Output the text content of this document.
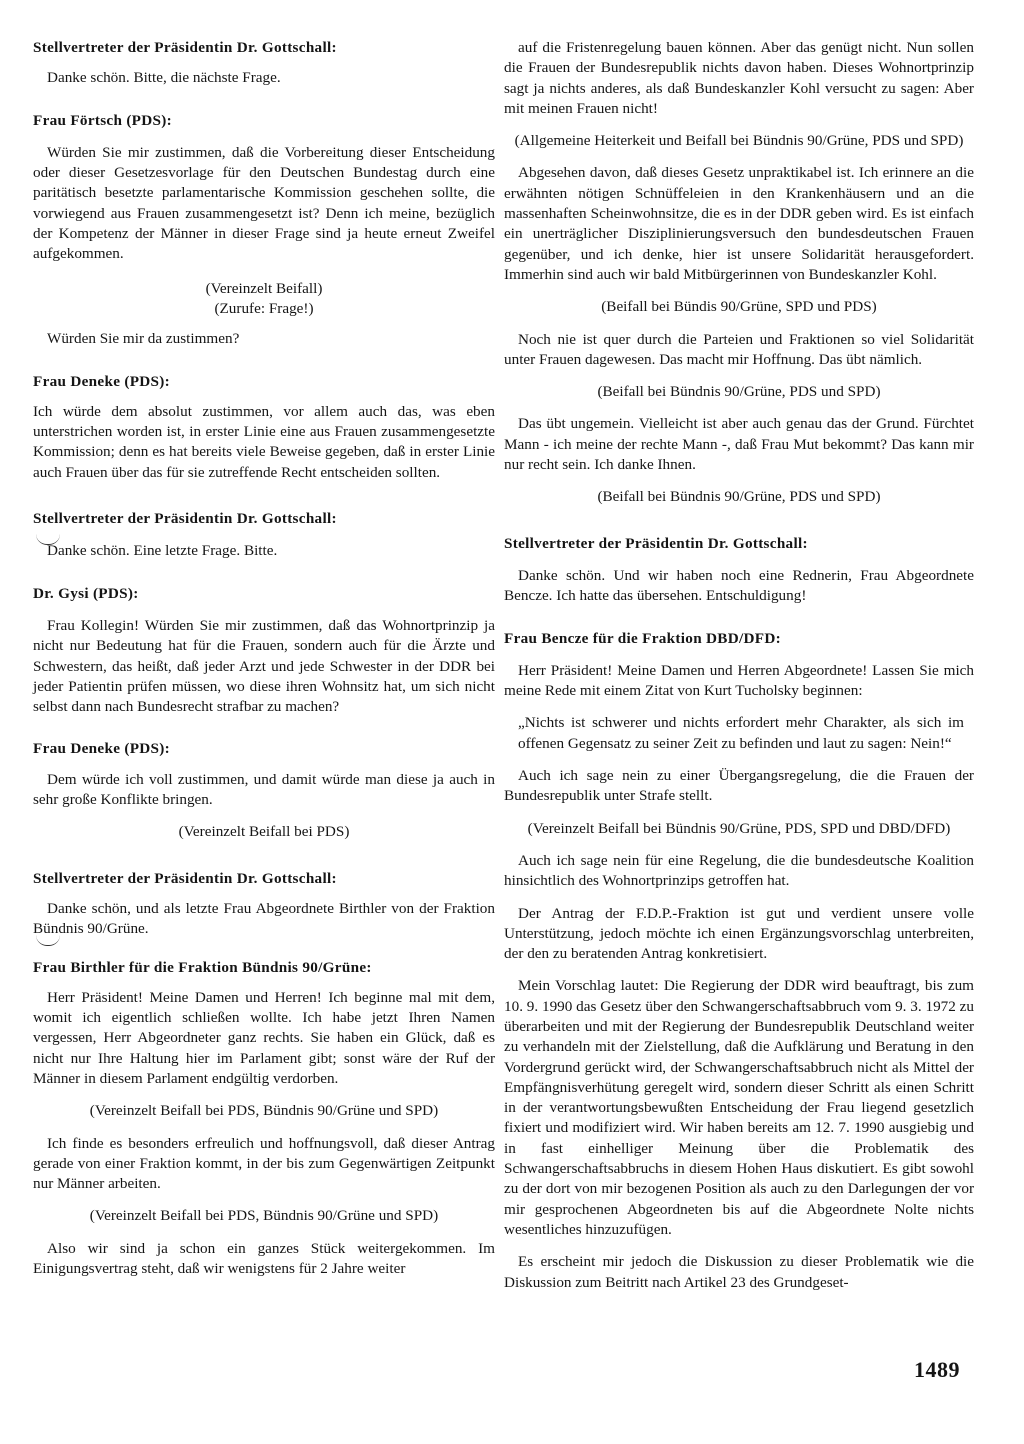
Stellvertreter der Präsidentin Dr. Gottschall:

Danke schön. Bitte, die nächste Frage.

Frau Förtsch (PDS):

Würden Sie mir zustimmen, daß die Vorbereitung dieser Entscheidung oder dieser Gesetzesvorlage für den Deutschen Bundestag durch eine paritätisch besetzte parlamentarische Kommission geschehen sollte, die vorwiegend aus Frauen zusammengesetzt ist? Denn ich meine, bezüglich der Kompetenz der Männer in dieser Frage sind ja heute erneut Zweifel aufgekommen.

(Vereinzelt Beifall)

(Zurufe: Frage!)

Würden Sie mir da zustimmen?

Frau Deneke (PDS):

Ich würde dem absolut zustimmen, vor allem auch das, was eben unterstrichen worden ist, in erster Linie eine aus Frauen zusammengesetzte Kommission; denn es hat bereits viele Beweise gegeben, daß in erster Linie auch Frauen über das für sie zutreffende Recht entscheiden sollten.

Stellvertreter der Präsidentin Dr. Gottschall:

Danke schön. Eine letzte Frage. Bitte.

Dr. Gysi (PDS):

Frau Kollegin! Würden Sie mir zustimmen, daß das Wohnortprinzip ja nicht nur Bedeutung hat für die Frauen, sondern auch für die Ärzte und Schwestern, das heißt, daß jeder Arzt und jede Schwester in der DDR bei jeder Patientin prüfen müssen, wo diese ihren Wohnsitz hat, um sich nicht selbst dann nach Bundesrecht strafbar zu machen?

Frau Deneke (PDS):

Dem würde ich voll zustimmen, und damit würde man diese ja auch in sehr große Konflikte bringen.

(Vereinzelt Beifall bei PDS)

Stellvertreter der Präsidentin Dr. Gottschall:

Danke schön, und als letzte Frau Abgeordnete Birthler von der Fraktion Bündnis 90/Grüne.

Frau Birthler für die Fraktion Bündnis 90/Grüne:

Herr Präsident! Meine Damen und Herren! Ich beginne mal mit dem, womit ich eigentlich schließen wollte. Ich habe jetzt Ihren Namen vergessen, Herr Abgeordneter ganz rechts. Sie haben ein Glück, daß es nicht nur Ihre Haltung hier im Parlament gibt; sonst wäre der Ruf der Männer in diesem Parlament endgültig verdorben.

(Vereinzelt Beifall bei PDS, Bündnis 90/Grüne und SPD)

Ich finde es besonders erfreulich und hoffnungsvoll, daß dieser Antrag gerade von einer Fraktion kommt, in der bis zum Gegenwärtigen Zeitpunkt nur Männer arbeiten.

(Vereinzelt Beifall bei PDS, Bündnis 90/Grüne und SPD)

Also wir sind ja schon ein ganzes Stück weitergekommen. Im Einigungsvertrag steht, daß wir wenigstens für 2 Jahre weiter

auf die Fristenregelung bauen können. Aber das genügt nicht. Nun sollen die Frauen der Bundesrepublik nichts davon haben. Dieses Wohnortprinzip sagt ja nichts anderes, als daß Bundeskanzler Kohl versucht zu sagen: Aber mit meinen Frauen nicht!

(Allgemeine Heiterkeit und Beifall bei Bündnis 90/Grüne, PDS und SPD)

Abgesehen davon, daß dieses Gesetz unpraktikabel ist. Ich erinnere an die erwähnten nötigen Schnüffeleien in den Krankenhäusern und an die massenhaften Scheinwohnsitze, die es in der DDR geben wird. Es ist einfach ein unerträglicher Disziplinierungsversuch den bundesdeutschen Frauen gegenüber, und ich denke, hier ist unsere Solidarität herausgefordert. Immerhin sind auch wir bald Mitbürgerinnen von Bundeskanzler Kohl.

(Beifall bei Bündis 90/Grüne, SPD und PDS)

Noch nie ist quer durch die Parteien und Fraktionen so viel Solidarität unter Frauen dagewesen. Das macht mir Hoffnung. Das übt nämlich.

(Beifall bei Bündnis 90/Grüne, PDS und SPD)

Das übt ungemein. Vielleicht ist aber auch genau das der Grund. Fürchtet Mann - ich meine der rechte Mann -, daß Frau Mut bekommt? Das kann mir nur recht sein. Ich danke Ihnen.

(Beifall bei Bündnis 90/Grüne, PDS und SPD)

Stellvertreter der Präsidentin Dr. Gottschall:

Danke schön. Und wir haben noch eine Rednerin, Frau Abgeordnete Bencze. Ich hatte das übersehen. Entschuldigung!

Frau Bencze für die Fraktion DBD/DFD:

Herr Präsident! Meine Damen und Herren Abgeordnete! Lassen Sie mich meine Rede mit einem Zitat von Kurt Tucholsky beginnen:

„Nichts ist schwerer und nichts erfordert mehr Charakter, als sich im offenen Gegensatz zu seiner Zeit zu befinden und laut zu sagen: Nein!“

Auch ich sage nein zu einer Übergangsregelung, die die Frauen der Bundesrepublik unter Strafe stellt.

(Vereinzelt Beifall bei Bündnis 90/Grüne, PDS, SPD und DBD/DFD)

Auch ich sage nein für eine Regelung, die die bundesdeutsche Koalition hinsichtlich des Wohnortprinzips getroffen hat.

Der Antrag der F.D.P.-Fraktion ist gut und verdient unsere volle Unterstützung, jedoch möchte ich einen Ergänzungsvorschlag unterbreiten, der den zu beratenden Antrag konkretisiert.

Mein Vorschlag lautet: Die Regierung der DDR wird beauftragt, bis zum 10. 9. 1990 das Gesetz über den Schwangerschaftsabbruch vom 9. 3. 1972 zu überarbeiten und mit der Regierung der Bundesrepublik Deutschland weiter zu verhandeln mit der Zielstellung, daß die Aufklärung und Beratung in den Vordergrund gerückt wird, der Schwangerschaftsabbruch nicht als Mittel der Empfängnisverhütung geregelt wird, sondern dieser Schritt als einen Schritt in der verantwortungsbewußten Entscheidung der Frau liegend gesetzlich fixiert und modifiziert wird. Wir haben bereits am 12. 7. 1990 ausgiebig und in fast einhelliger Meinung über die Problematik des Schwangerschaftsabbruchs in diesem Hohen Haus diskutiert. Es gibt sowohl zu der dort von mir bezogenen Position als auch zu den Darlegungen der vor mir gesprochenen Abgeordneten bis auf die Abgeordnete Nolte nichts wesentliches hinzuzufügen.

Es erscheint mir jedoch die Diskussion zu dieser Problematik wie die Diskussion zum Beitritt nach Artikel 23 des Grundgeset-

1489
